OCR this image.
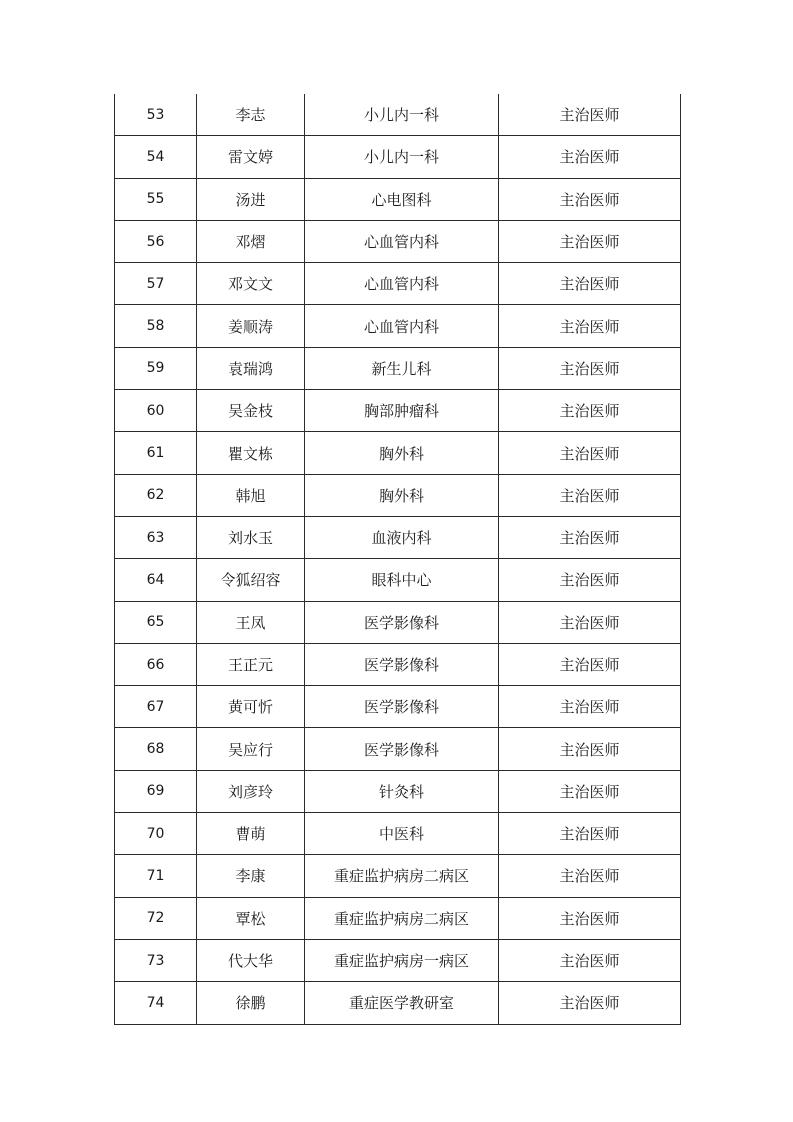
53	李志	小儿内一科	主治医师
54	雷文婷	小儿内一科	主治医师
55	汤进	心电图科	主治医师
56	邓熠	心血管内科	主治医师
57	邓文文	心血管内科	主治医师
58	姜顺涛	心血管内科	主治医师
59	袁瑞鸿	新生儿科	主治医师
60	吴金枝	胸部肿瘤科	主治医师
61	瞿文栋	胸外科	主治医师
62	韩旭	胸外科	主治医师
63	刘水玉	血液内科	主治医师
64	令狐绍容	眼科中心	主治医师
65	王凤	医学影像科	主治医师
66	王正元	医学影像科	主治医师
67	黄可忻	医学影像科	主治医师
68	吴应行	医学影像科	主治医师
69	刘彦玲	针灸科	主治医师
70	曹萌	中医科	主治医师
71	李康	重症监护病房二病区	主治医师
72	覃松	重症监护病房二病区	主治医师
73	代大华	重症监护病房一病区	主治医师
74	徐鹏	重症医学教研室	主治医师
